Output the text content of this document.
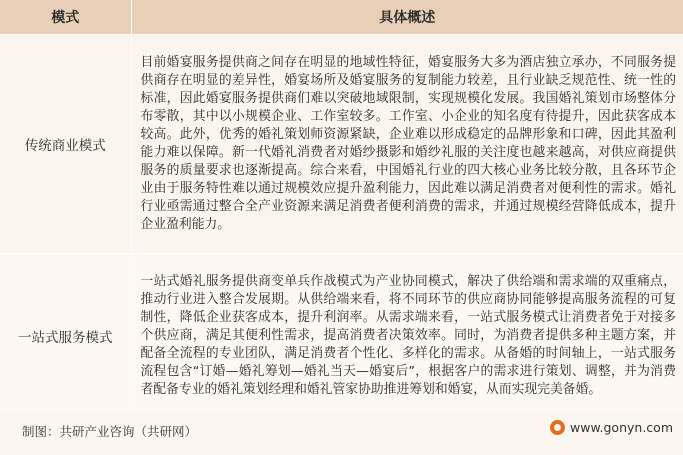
模式	具体概述
传统商业模式	目前婚宴服务提供商之间存在明显的地域性特征，婚宴服务大多为酒店独立承办，不同服务提供商存在明显的差异性，婚宴场所及婚宴服务的复制能力较差，且行业缺乏规范性、统一性的标准，因此婚宴服务提供商们难以突破地域限制，实现规模化发展。我国婚礼策划市场整体分布零散，其中以小规模企业、工作室较多。工作室、小企业的知名度有待提升，因此获客成本较高。此外，优秀的婚礼策划师资源紧缺，企业难以形成稳定的品牌形象和口碑，因此其盈利能力难以保障。新一代婚礼消费者对婚纱摄影和婚纱礼服的关注度也越来越高，对供应商提供服务的质量要求也逐渐提高。综合来看，中国婚礼行业的四大核心业务比较分散，且各环节企业由于服务特性难以通过规模效应提升盈利能力，因此难以满足消费者对便利性的需求。婚礼行业亟需通过整合全产业资源来满足消费者便利消费的需求，并通过规模经营降低成本，提升企业盈利能力。
一站式服务模式	一站式婚礼服务提供商变单兵作战模式为产业协同模式，解决了供给端和需求端的双重痛点，推动行业进入整合发展期。从供给端来看，将不同环节的供应商协同能够提高服务流程的可复制性，降低企业获客成本，提升利润率。从需求端来看，一站式服务模式让消费者免于对接多个供应商，满足其便利性需求，提高消费者决策效率。同时，为消费者提供多种主题方案，并配备全流程的专业团队，满足消费者个性化、多样化的需求。从备婚的时间轴上，一站式服务流程包含“订婚—婚礼筹划—婚礼当天—婚宴后”，根据客户的需求进行策划、调整，并为消费者配备专业的婚礼策划经理和婚礼管家协助推进筹划和婚宴，从而实现完美备婚。
制图：共研产业咨询（共研网）	www.gonyn.com
